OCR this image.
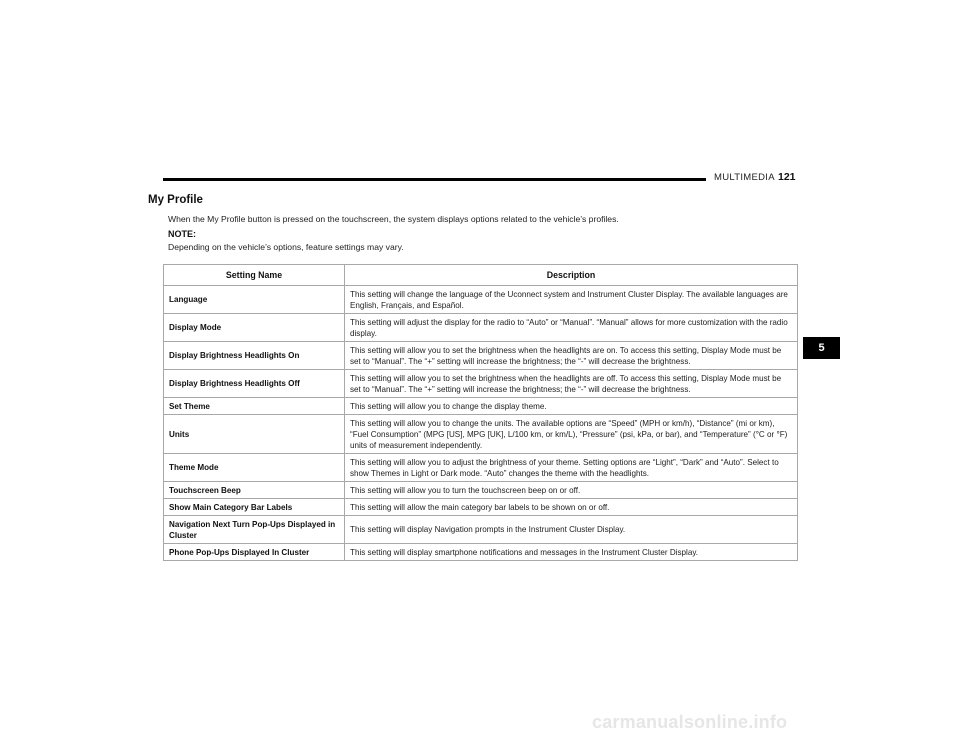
MULTIMEDIA 121
My Profile
When the My Profile button is pressed on the touchscreen, the system displays options related to the vehicle’s profiles.
NOTE:
Depending on the vehicle’s options, feature settings may vary.
Setting Name	Description
Language	This setting will change the language of the Uconnect system and Instrument Cluster Display. The available languages are English, Français, and Español.
Display Mode	This setting will adjust the display for the radio to “Auto” or “Manual”. “Manual” allows for more customization with the radio display.
Display Brightness Headlights On	This setting will allow you to set the brightness when the headlights are on. To access this setting, Display Mode must be set to “Manual”. The “+” setting will increase the brightness; the “-” will decrease the brightness.
Display Brightness Headlights Off	This setting will allow you to set the brightness when the headlights are off. To access this setting, Display Mode must be set to “Manual”. The “+” setting will increase the brightness; the “-” will decrease the brightness.
Set Theme	This setting will allow you to change the display theme.
Units	This setting will allow you to change the units. The available options are “Speed” (MPH or km/h), “Distance” (mi or km), “Fuel Consumption” (MPG [US], MPG [UK], L/100 km, or km/L), “Pressure” (psi, kPa, or bar), and “Temperature” (°C or °F) units of measurement independently.
Theme Mode	This setting will allow you to adjust the brightness of your theme. Setting options are “Light”, “Dark” and “Auto”. Select to show Themes in Light or Dark mode. “Auto” changes the theme with the headlights.
Touchscreen Beep	This setting will allow you to turn the touchscreen beep on or off.
Show Main Category Bar Labels	This setting will allow the main category bar labels to be shown on or off.
Navigation Next Turn Pop-Ups Displayed in Cluster	This setting will display Navigation prompts in the Instrument Cluster Display.
Phone Pop-Ups Displayed In Cluster	This setting will display smartphone notifications and messages in the Instrument Cluster Display.
5
carmanualsonline.info
